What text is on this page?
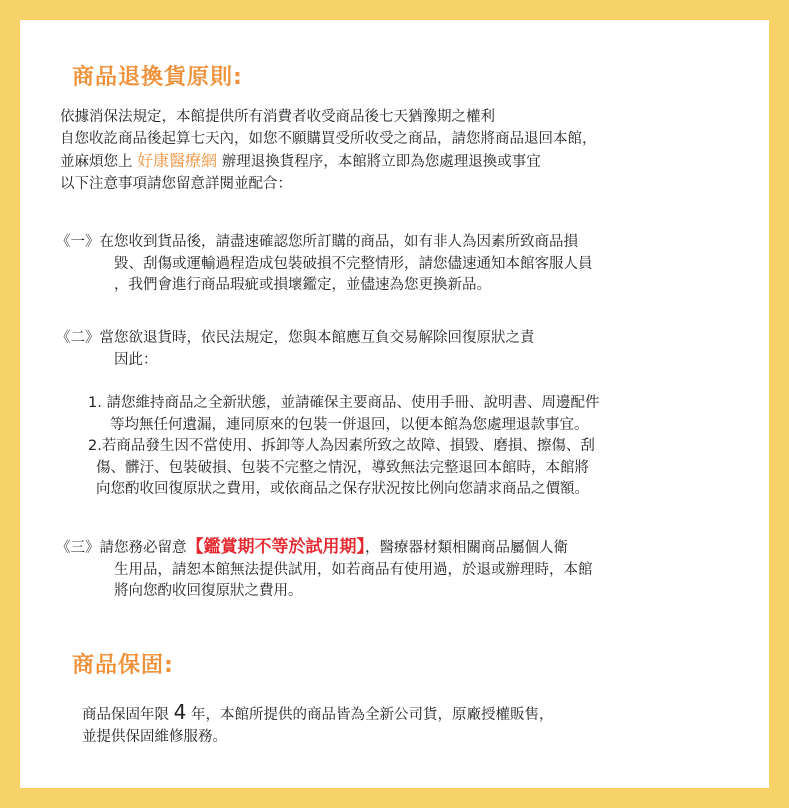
商品退換貨原則:
依據消保法規定，本館提供所有消費者收受商品後七天猶豫期之權利
自您收訖商品後起算七天內，如您不願購買受所收受之商品，請您將商品退回本館，
並麻煩您上 好康醫療網 辦理退換貨程序，本館將立即為您處理退換或事宜
以下注意事項請您留意詳閱並配合：
《一》在您收到貨品後，請盡速確認您所訂購的商品，如有非人為因素所致商品損
毀、刮傷或運輸過程造成包裝破損不完整情形，請您儘速通知本館客服人員
，我們會進行商品瑕疵或損壞鑑定，並儘速為您更換新品。
《二》當您欲退貨時，依民法規定，您與本館應互負交易解除回復原狀之責
因此：
1. 請您維持商品之全新狀態，並請確保主要商品、使用手冊、說明書、周邊配件
等均無任何遺漏，連同原來的包裝一併退回，以便本館為您處理退款事宜。
2.若商品發生因不當使用、拆卸等人為因素所致之故障、損毀、磨損、擦傷、刮
傷、髒汙、包裝破損、包裝不完整之情況，導致無法完整退回本館時，本館將
向您酌收回復原狀之費用，或依商品之保存狀況按比例向您請求商品之價額。
《三》請您務必留意【鑑賞期不等於試用期】，醫療器材類相關商品屬個人衛
生用品，請恕本館無法提供試用，如若商品有使用過，於退或辦理時，本館
將向您酌收回復原狀之費用。
商品保固:
商品保固年限 4 年，本館所提供的商品皆為全新公司貨，原廠授權販售，
並提供保固維修服務。
